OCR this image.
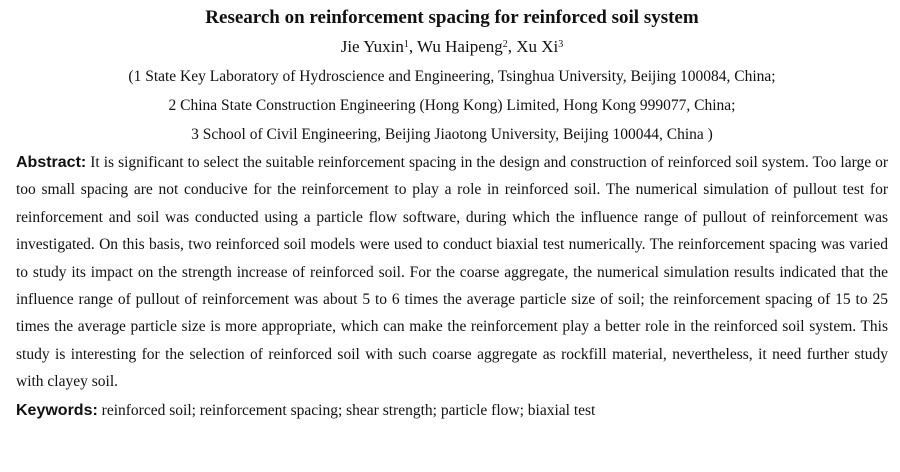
Research on reinforcement spacing for reinforced soil system
Jie Yuxin$^1$, Wu Haipeng$^2$, Xu Xi$^3$
(1 State Key Laboratory of Hydroscience and Engineering, Tsinghua University, Beijing 100084, China;
2 China State Construction Engineering (Hong Kong) Limited, Hong Kong 999077, China;
3 School of Civil Engineering, Beijing Jiaotong University, Beijing 100044, China )
Abstract: It is significant to select the suitable reinforcement spacing in the design and construction of reinforced soil system. Too large or too small spacing are not conducive for the reinforcement to play a role in reinforced soil. The numerical simulation of pullout test for reinforcement and soil was conducted using a particle flow software, during which the influence range of pullout of reinforcement was investigated. On this basis, two reinforced soil models were used to conduct biaxial test numerically. The reinforcement spacing was varied to study its impact on the strength increase of reinforced soil. For the coarse aggregate, the numerical simulation results indicated that the influence range of pullout of reinforcement was about 5 to 6 times the average particle size of soil; the reinforcement spacing of 15 to 25 times the average particle size is more appropriate, which can make the reinforcement play a better role in the reinforced soil system. This study is interesting for the selection of reinforced soil with such coarse aggregate as rockfill material, nevertheless, it need further study with clayey soil.
Keywords: reinforced soil; reinforcement spacing; shear strength; particle flow; biaxial test
